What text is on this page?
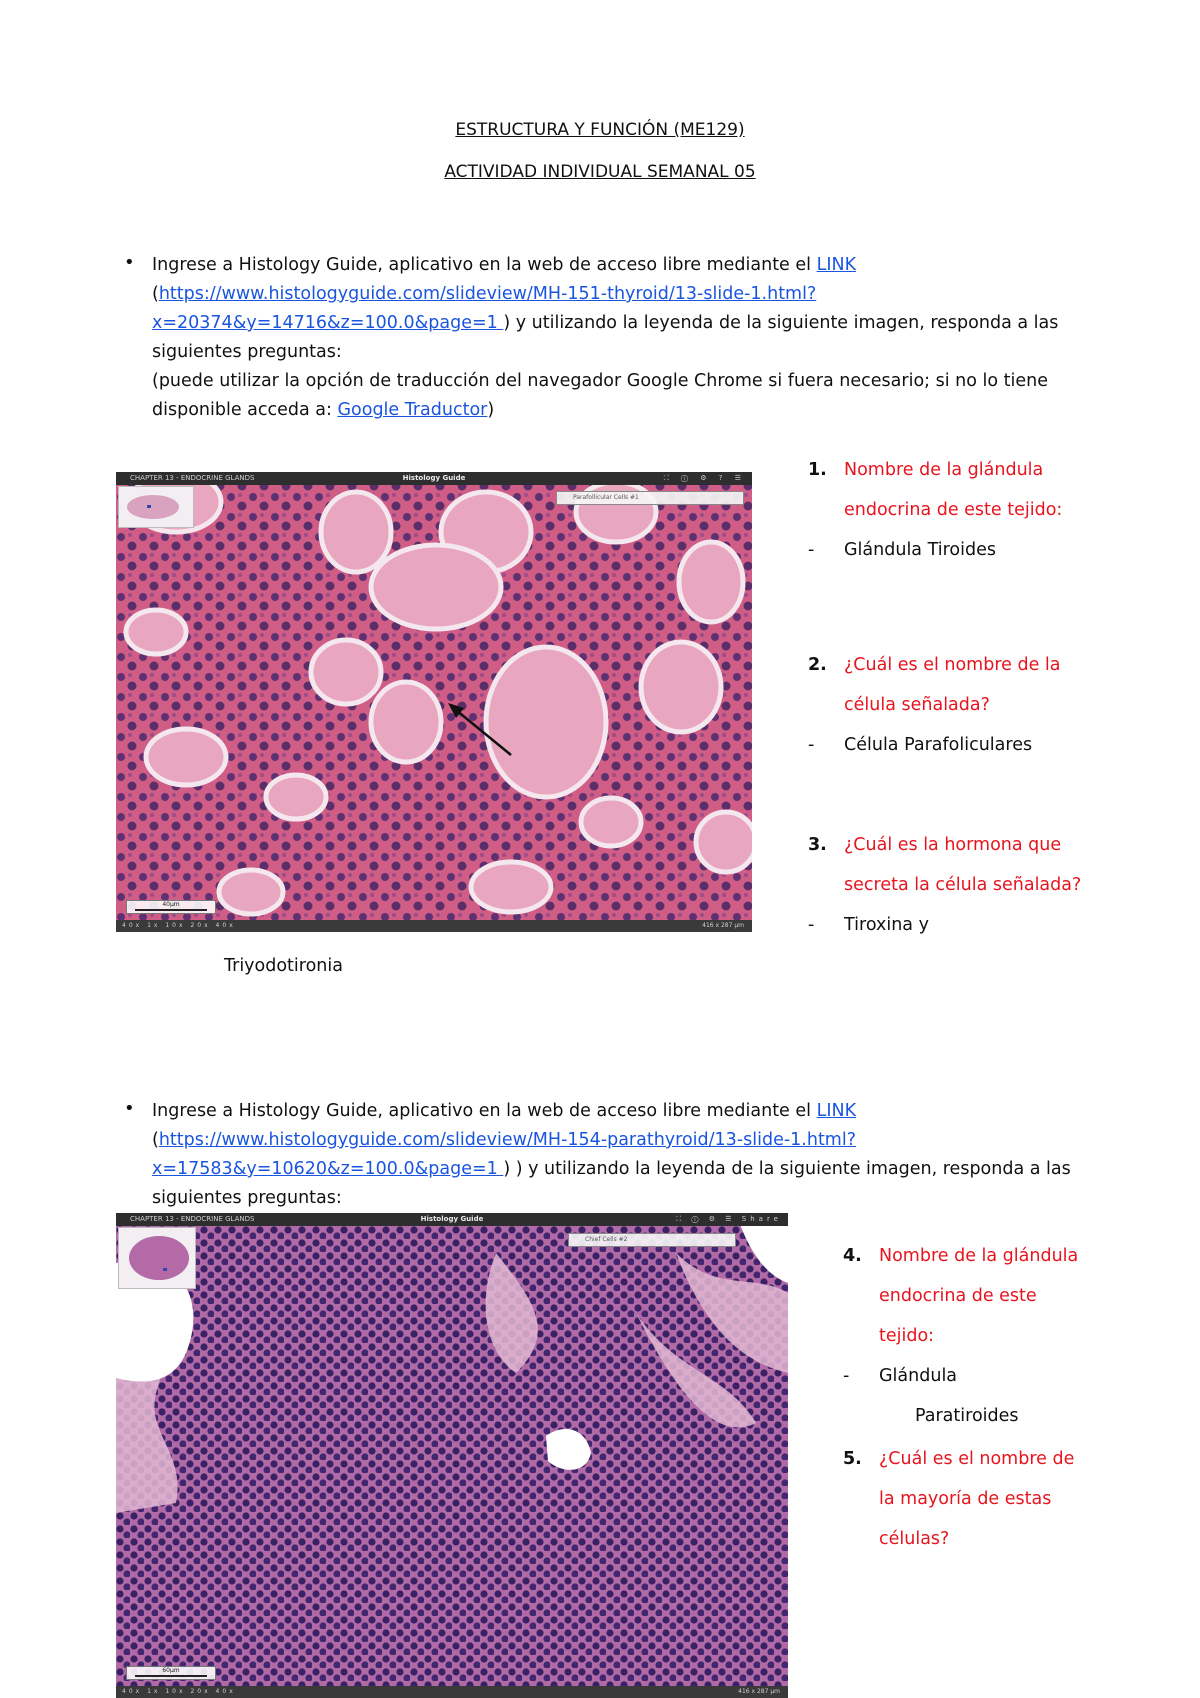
ESTRUCTURA Y FUNCIÓN (ME129)
ACTIVIDAD INDIVIDUAL SEMANAL 05
• Ingrese a Histology Guide, aplicativo en la web de acceso libre mediante el LINK
(https://www.histologyguide.com/slideview/MH-151-thyroid/13-slide-1.html?
x=20374&y=14716&z=100.0&page=1 ) y utilizando la leyenda de la siguiente imagen, responda a las
siguientes preguntas:
(puede utilizar la opción de traducción del navegador Google Chrome si fuera necesario; si no lo tiene
disponible acceda a: Google Traductor)
CHAPTER 13 - ENDOCRINE GLANDS	Histology Guide	⛶ ⓘ ⚙ ? ☰
Parafollicular Cells #1
40µm
40x 1x 10x 20x 40x	416 x 287 µm
1. Nombre de la glándula
endocrina de este tejido:
- Glándula Tiroides
2. ¿Cuál es el nombre de la
célula señalada?
- Célula Parafoliculares
3. ¿Cuál es la hormona que
secreta la célula señalada?
- Tiroxina y
Triyodotironia
• Ingrese a Histology Guide, aplicativo en la web de acceso libre mediante el LINK
(https://www.histologyguide.com/slideview/MH-154-parathyroid/13-slide-1.html?
x=17583&y=10620&z=100.0&page=1 ) ) y utilizando la leyenda de la siguiente imagen, responda a las
siguientes preguntas:
CHAPTER 13 - ENDOCRINE GLANDS	Histology Guide	⛶ ⓘ ⚙ ☰ Share
Chief Cells #2
60µm
40x 1x 10x 20x 40x	416 x 287 µm
4. Nombre de la glándula
endocrina de este
tejido:
- Glándula
Paratiroides
5. ¿Cuál es el nombre de
la mayoría de estas
células?
